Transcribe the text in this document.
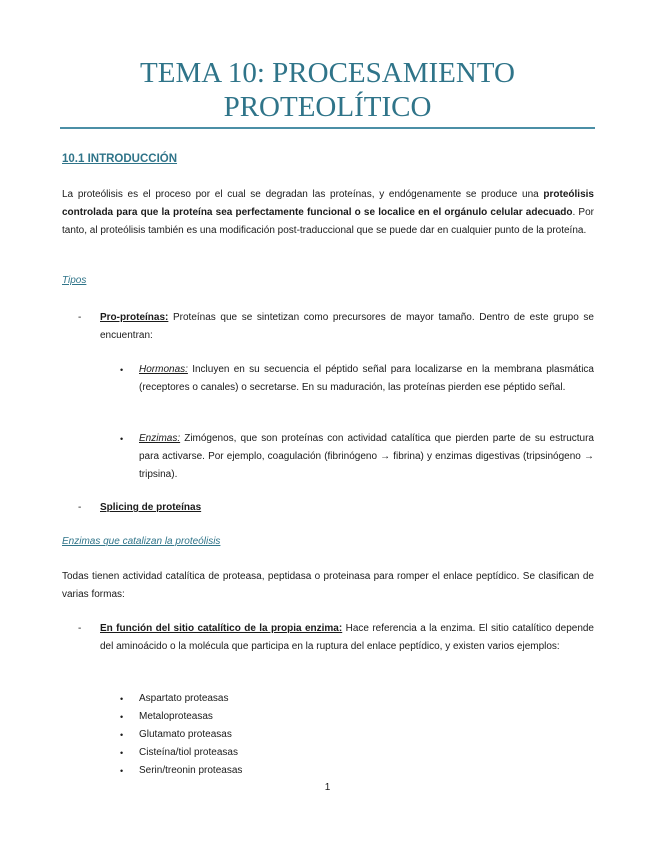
TEMA 10: PROCESAMIENTO
PROTEOLÍTICO
10.1 INTRODUCCIÓN

La proteólisis es el proceso por el cual se degradan las proteínas, y endógenamente se produce una proteólisis controlada para que la proteína sea perfectamente funcional o se localice en el orgánulo celular adecuado. Por tanto, al proteólisis también es una modificación post-traduccional que se puede dar en cualquier punto de la proteína.

Tipos
- Pro-proteínas: Proteínas que se sintetizan como precursores de mayor tamaño. Dentro de este grupo se encuentran:
• Hormonas: Incluyen en su secuencia el péptido señal para localizarse en la membrana plasmática (receptores o canales) o secretarse. En su maduración, las proteínas pierden ese péptido señal.
• Enzimas: Zimógenos, que son proteínas con actividad catalítica que pierden parte de su estructura para activarse. Por ejemplo, coagulación (fibrinógeno → fibrina) y enzimas digestivas (tripsinógeno → tripsina).
- Splicing de proteínas
Enzimas que catalizan la proteólisis

Todas tienen actividad catalítica de proteasa, peptidasa o proteinasa para romper el enlace peptídico. Se clasifican de varias formas:

- En función del sitio catalítico de la propia enzima: Hace referencia a la enzima. El sitio catalítico depende del aminoácido o la molécula que participa en la ruptura del enlace peptídico, y existen varios ejemplos:
• Aspartato proteasas
• Metaloproteasas
• Glutamato proteasas
• Cisteína/tiol proteasas
• Serin/treonin proteasas
1
